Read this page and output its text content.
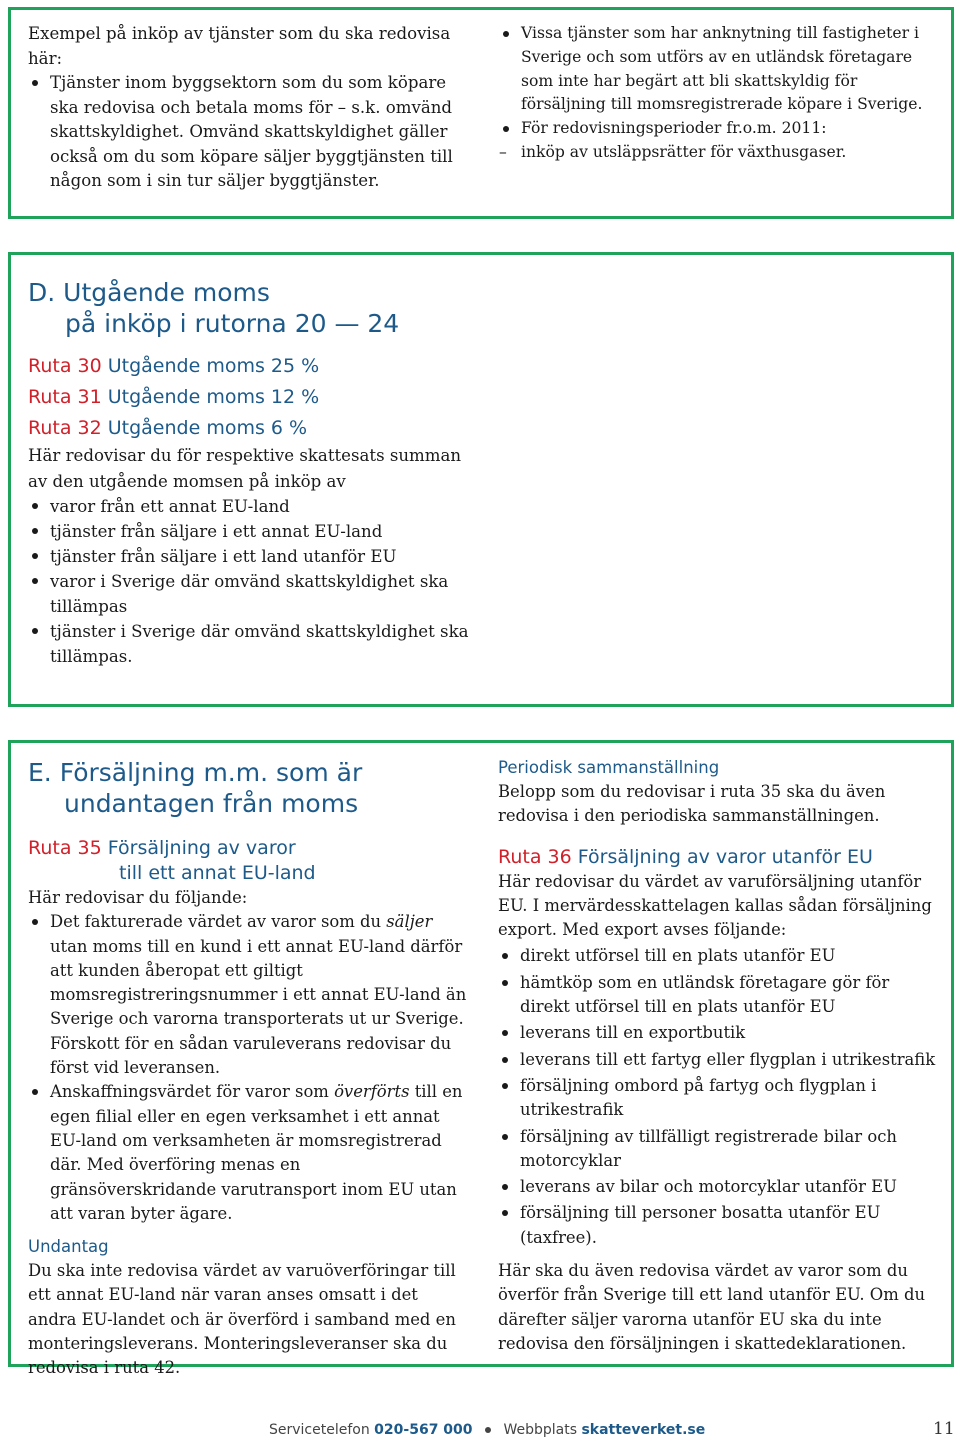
Exempel på inköp av tjänster som du ska redovisa här:

Tjänster inom byggsektorn som du som köpare ska redovisa och betala moms för – s.k. omvänd skattskyldighet. Omvänd skattskyldighet gäller också om du som köpare säljer byggtjänsten till någon som i sin tur säljer byggtjänster.
Vissa tjänster som har anknytning till fastigheter i Sverige och som utförs av en utländsk företagare som inte har begärt att bli skattskyldig för försäljning till momsregistrerade köpare i Sverige.
För redovisningsperioder fr.o.m. 2011:
– inköp av utsläppsrätter för växthusgaser.
D. Utgående moms
på inköp i rutorna 20 — 24
Ruta 30 Utgående moms 25 %
Ruta 31 Utgående moms 12 %
Ruta 32 Utgående moms 6 %

Här redovisar du för respektive skattesats summan av den utgående momsen på inköp av

varor från ett annat EU-land
tjänster från säljare i ett annat EU-land
tjänster från säljare i ett land utanför EU
varor i Sverige där omvänd skattskyldighet ska tillämpas
tjänster i Sverige där omvänd skattskyldighet ska tillämpas.
E. Försäljning m.m. som är
undantagen från moms
Ruta 35 Försäljning av varor
till ett annat EU-land

Här redovisar du följande:

Det fakturerade värdet av varor som du säljer utan moms till en kund i ett annat EU-land därför att kunden åberopat ett giltigt momsregistreringsnummer i ett annat EU-land än Sverige och varorna transporterats ut ur Sverige. Förskott för en sådan varuleverans redovisar du först vid leveransen.
Anskaffningsvärdet för varor som överförts till en egen filial eller en egen verksamhet i ett annat EU-land om verksamheten är momsregistrerad där. Med överföring menas en gränsöverskridande varutransport inom EU utan att varan byter ägare.
Undantag

Du ska inte redovisa värdet av varuöverföringar till ett annat EU-land när varan anses omsatt i det andra EU-landet och är överförd i samband med en monteringsleverans. Monteringsleveranser ska du redovisa i ruta 42.

Periodisk sammanställning

Belopp som du redovisar i ruta 35 ska du även redovisa i den periodiska sammanställningen.

Ruta 36 Försäljning av varor utanför EU

Här redovisar du värdet av varuförsäljning utanför EU. I mervärdesskattelagen kallas sådan försäljning export. Med export avses följande:

direkt utförsel till en plats utanför EU
hämtköp som en utländsk företagare gör för direkt utförsel till en plats utanför EU
leverans till en exportbutik
leverans till ett fartyg eller flygplan i utrikestrafik
försäljning ombord på fartyg och flygplan i utrikestrafik
försäljning av tillfälligt registrerade bilar och motorcyklar
leverans av bilar och motorcyklar utanför EU
försäljning till personer bosatta utanför EU (taxfree).

Här ska du även redovisa värdet av varor som du överför från Sverige till ett land utanför EU. Om du därefter säljer varorna utanför EU ska du inte redovisa den försäljningen i skattedeklarationen.

Servicetelefon 020-567 000 Webbplats skatteverket.se	11
